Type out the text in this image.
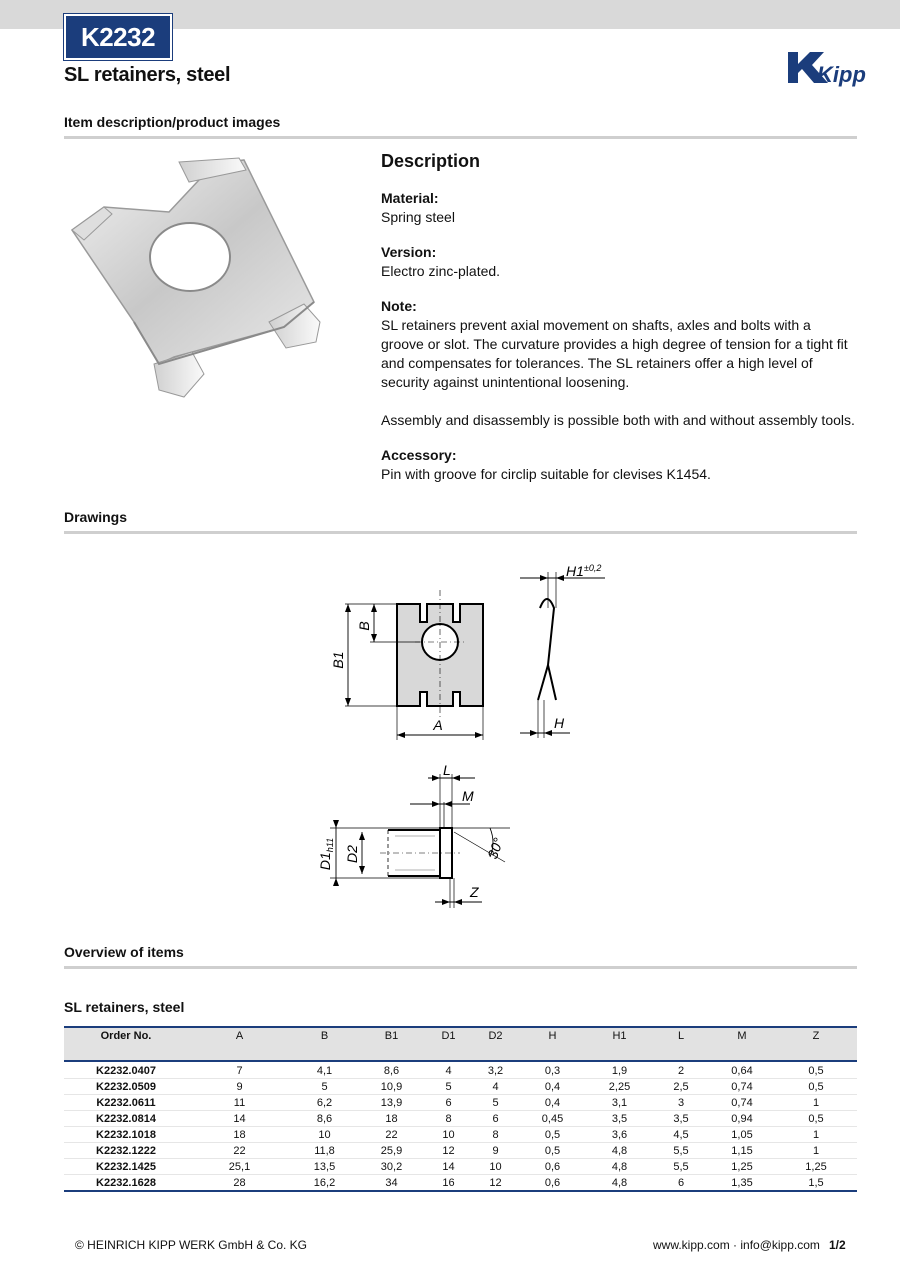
K2232
SL retainers, steel	Kipp
Item description/product images
Description
Material:

Spring steel

Version:

Electro zinc-plated.

Note:

SL retainers prevent axial movement on shafts, axles and bolts with a groove or slot. The curvature provides a high degree of tension for a tight fit and compensates for tolerances. The SL retainers offer a high level of security against unintentional loosening.

Assembly and disassembly is possible both with and without assembly tools.

Accessory:

Pin with groove for circlip suitable for clevises K1454.

Drawings
B1
B
A
$H1^{\pm 0,2}$
H
$D1_{h11}$ D2
L
M
30°
Z
Overview of items
SL retainers, steel
Order No.	A	B	B1	D1	D2	H	H1	L	M	Z
K2232.0407	7	4,1	8,6	4	3,2	0,3	1,9	2	0,64	0,5
K2232.0509	9	5	10,9	5	4	0,4	2,25	2,5	0,74	0,5
K2232.0611	11	6,2	13,9	6	5	0,4	3,1	3	0,74	1
K2232.0814	14	8,6	18	8	6	0,45	3,5	3,5	0,94	0,5
K2232.1018	18	10	22	10	8	0,5	3,6	4,5	1,05	1
K2232.1222	22	11,8	25,9	12	9	0,5	4,8	5,5	1,15	1
K2232.1425	25,1	13,5	30,2	14	10	0,6	4,8	5,5	1,25	1,25
K2232.1628	28	16,2	34	16	12	0,6	4,8	6	1,35	1,5
© HEINRICH KIPP WERK GmbH & Co. KG	www.kipp.com · info@kipp.com 1/2
